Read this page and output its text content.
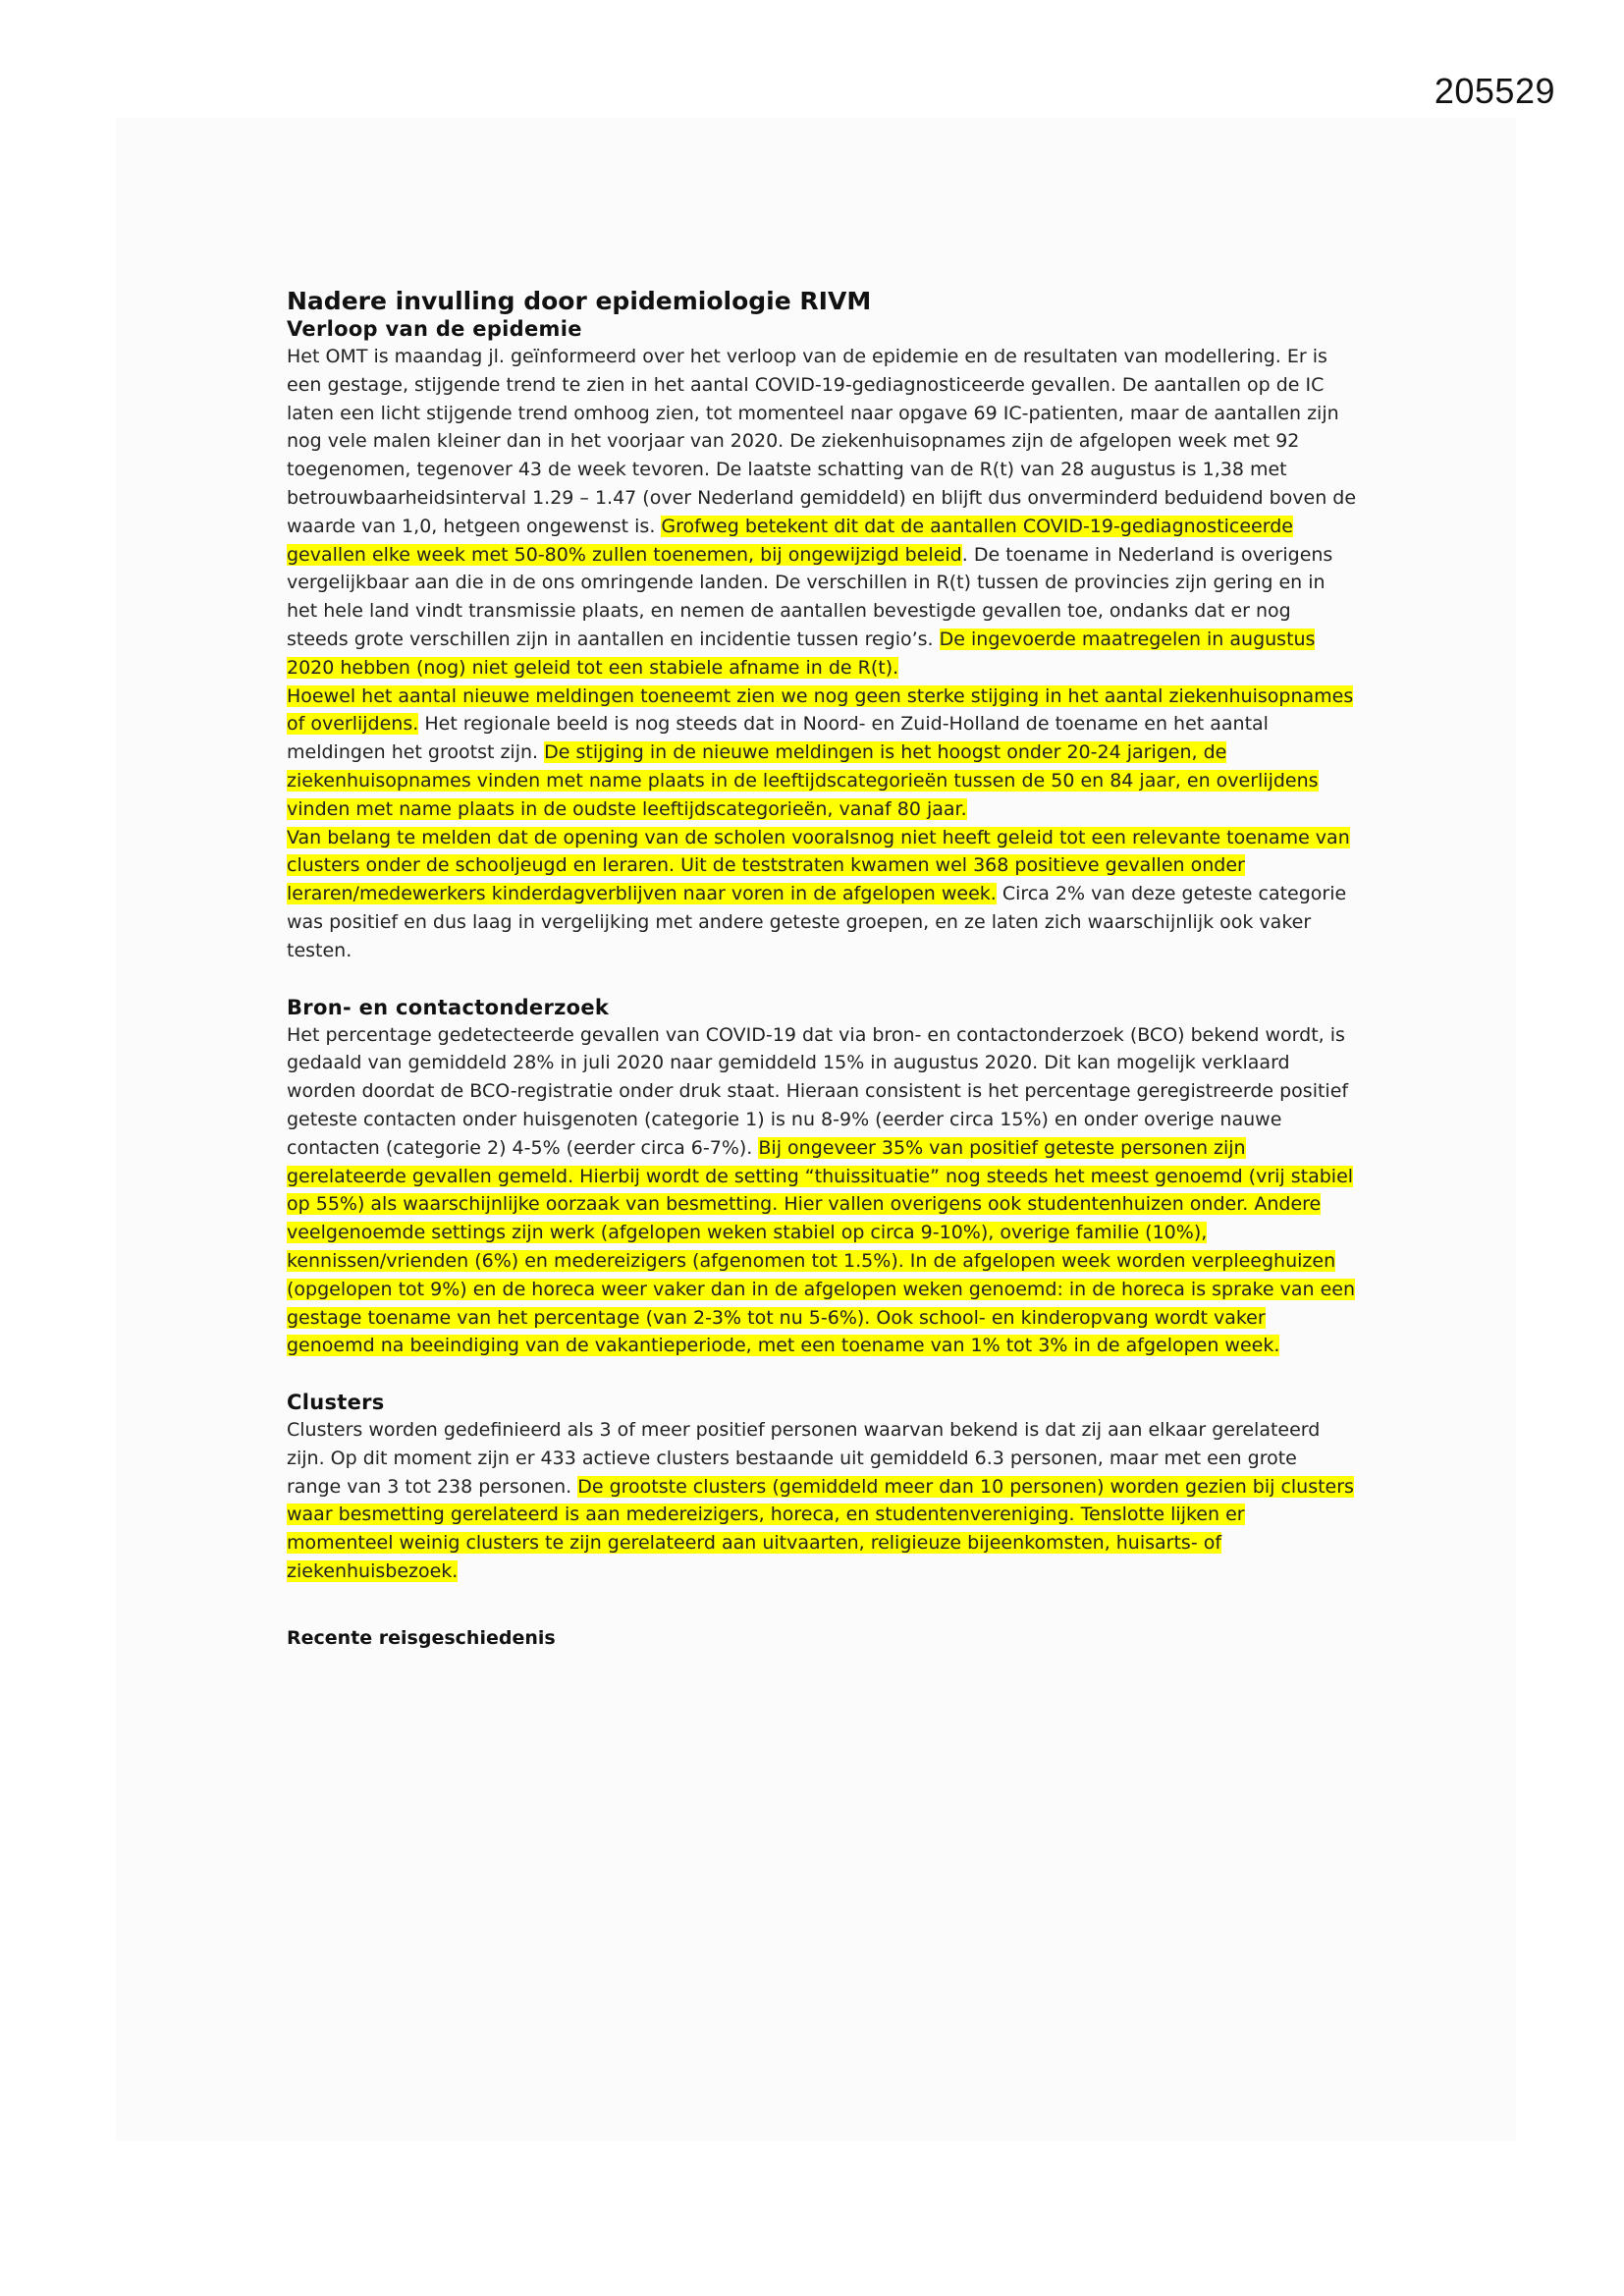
205529
Nadere invulling door epidemiologie RIVM
Verloop van de epidemie

Het OMT is maandag jl. geïnformeerd over het verloop van de epidemie en de resultaten van modellering. Er is een gestage, stijgende trend te zien in het aantal COVID-19-gediagnosticeerde gevallen. De aantallen op de IC laten een licht stijgende trend omhoog zien, tot momenteel naar opgave 69 IC-patienten, maar de aantallen zijn nog vele malen kleiner dan in het voorjaar van 2020. De ziekenhuisopnames zijn de afgelopen week met 92 toegenomen, tegenover 43 de week tevoren. De laatste schatting van de R(t) van 28 augustus is 1,38 met betrouwbaarheidsinterval 1.29 – 1.47 (over Nederland gemiddeld) en blijft dus onverminderd beduidend boven de waarde van 1,0, hetgeen ongewenst is. Grofweg betekent dit dat de aantallen COVID-19-gediagnosticeerde gevallen elke week met 50-80% zullen toenemen, bij ongewijzigd beleid. De toename in Nederland is overigens vergelijkbaar aan die in de ons omringende landen. De verschillen in R(t) tussen de provincies zijn gering en in het hele land vindt transmissie plaats, en nemen de aantallen bevestigde gevallen toe, ondanks dat er nog steeds grote verschillen zijn in aantallen en incidentie tussen regio’s. De ingevoerde maatregelen in augustus 2020 hebben (nog) niet geleid tot een stabiele afname in de R(t).

Hoewel het aantal nieuwe meldingen toeneemt zien we nog geen sterke stijging in het aantal ziekenhuisopnames of overlijdens. Het regionale beeld is nog steeds dat in Noord- en Zuid-Holland de toename en het aantal meldingen het grootst zijn. De stijging in de nieuwe meldingen is het hoogst onder 20-24 jarigen, de ziekenhuisopnames vinden met name plaats in de leeftijdscategorieën tussen de 50 en 84 jaar, en overlijdens vinden met name plaats in de oudste leeftijdscategorieën, vanaf 80 jaar.

Van belang te melden dat de opening van de scholen vooralsnog niet heeft geleid tot een relevante toename van clusters onder de schooljeugd en leraren. Uit de teststraten kwamen wel 368 positieve gevallen onder leraren/medewerkers kinderdagverblijven naar voren in de afgelopen week. Circa 2% van deze geteste categorie was positief en dus laag in vergelijking met andere geteste groepen, en ze laten zich waarschijnlijk ook vaker testen.

Bron- en contactonderzoek

Het percentage gedetecteerde gevallen van COVID-19 dat via bron- en contactonderzoek (BCO) bekend wordt, is gedaald van gemiddeld 28% in juli 2020 naar gemiddeld 15% in augustus 2020. Dit kan mogelijk verklaard worden doordat de BCO-registratie onder druk staat. Hieraan consistent is het percentage geregistreerde positief geteste contacten onder huisgenoten (categorie 1) is nu 8-9% (eerder circa 15%) en onder overige nauwe contacten (categorie 2) 4-5% (eerder circa 6-7%). Bij ongeveer 35% van positief geteste personen zijn gerelateerde gevallen gemeld. Hierbij wordt de setting “thuissituatie” nog steeds het meest genoemd (vrij stabiel op 55%) als waarschijnlijke oorzaak van besmetting. Hier vallen overigens ook studentenhuizen onder. Andere veelgenoemde settings zijn werk (afgelopen weken stabiel op circa 9-10%), overige familie (10%), kennissen/vrienden (6%) en medereizigers (afgenomen tot 1.5%). In de afgelopen week worden verpleeghuizen (opgelopen tot 9%) en de horeca weer vaker dan in de afgelopen weken genoemd: in de horeca is sprake van een gestage toename van het percentage (van 2-3% tot nu 5-6%). Ook school- en kinderopvang wordt vaker genoemd na beeindiging van de vakantieperiode, met een toename van 1% tot 3% in de afgelopen week.

Clusters

Clusters worden gedefinieerd als 3 of meer positief personen waarvan bekend is dat zij aan elkaar gerelateerd zijn. Op dit moment zijn er 433 actieve clusters bestaande uit gemiddeld 6.3 personen, maar met een grote range van 3 tot 238 personen. De grootste clusters (gemiddeld meer dan 10 personen) worden gezien bij clusters waar besmetting gerelateerd is aan medereizigers, horeca, en studentenvereniging. Tenslotte lijken er momenteel weinig clusters te zijn gerelateerd aan uitvaarten, religieuze bijeenkomsten, huisarts- of ziekenhuisbezoek.

Recente reisgeschiedenis
